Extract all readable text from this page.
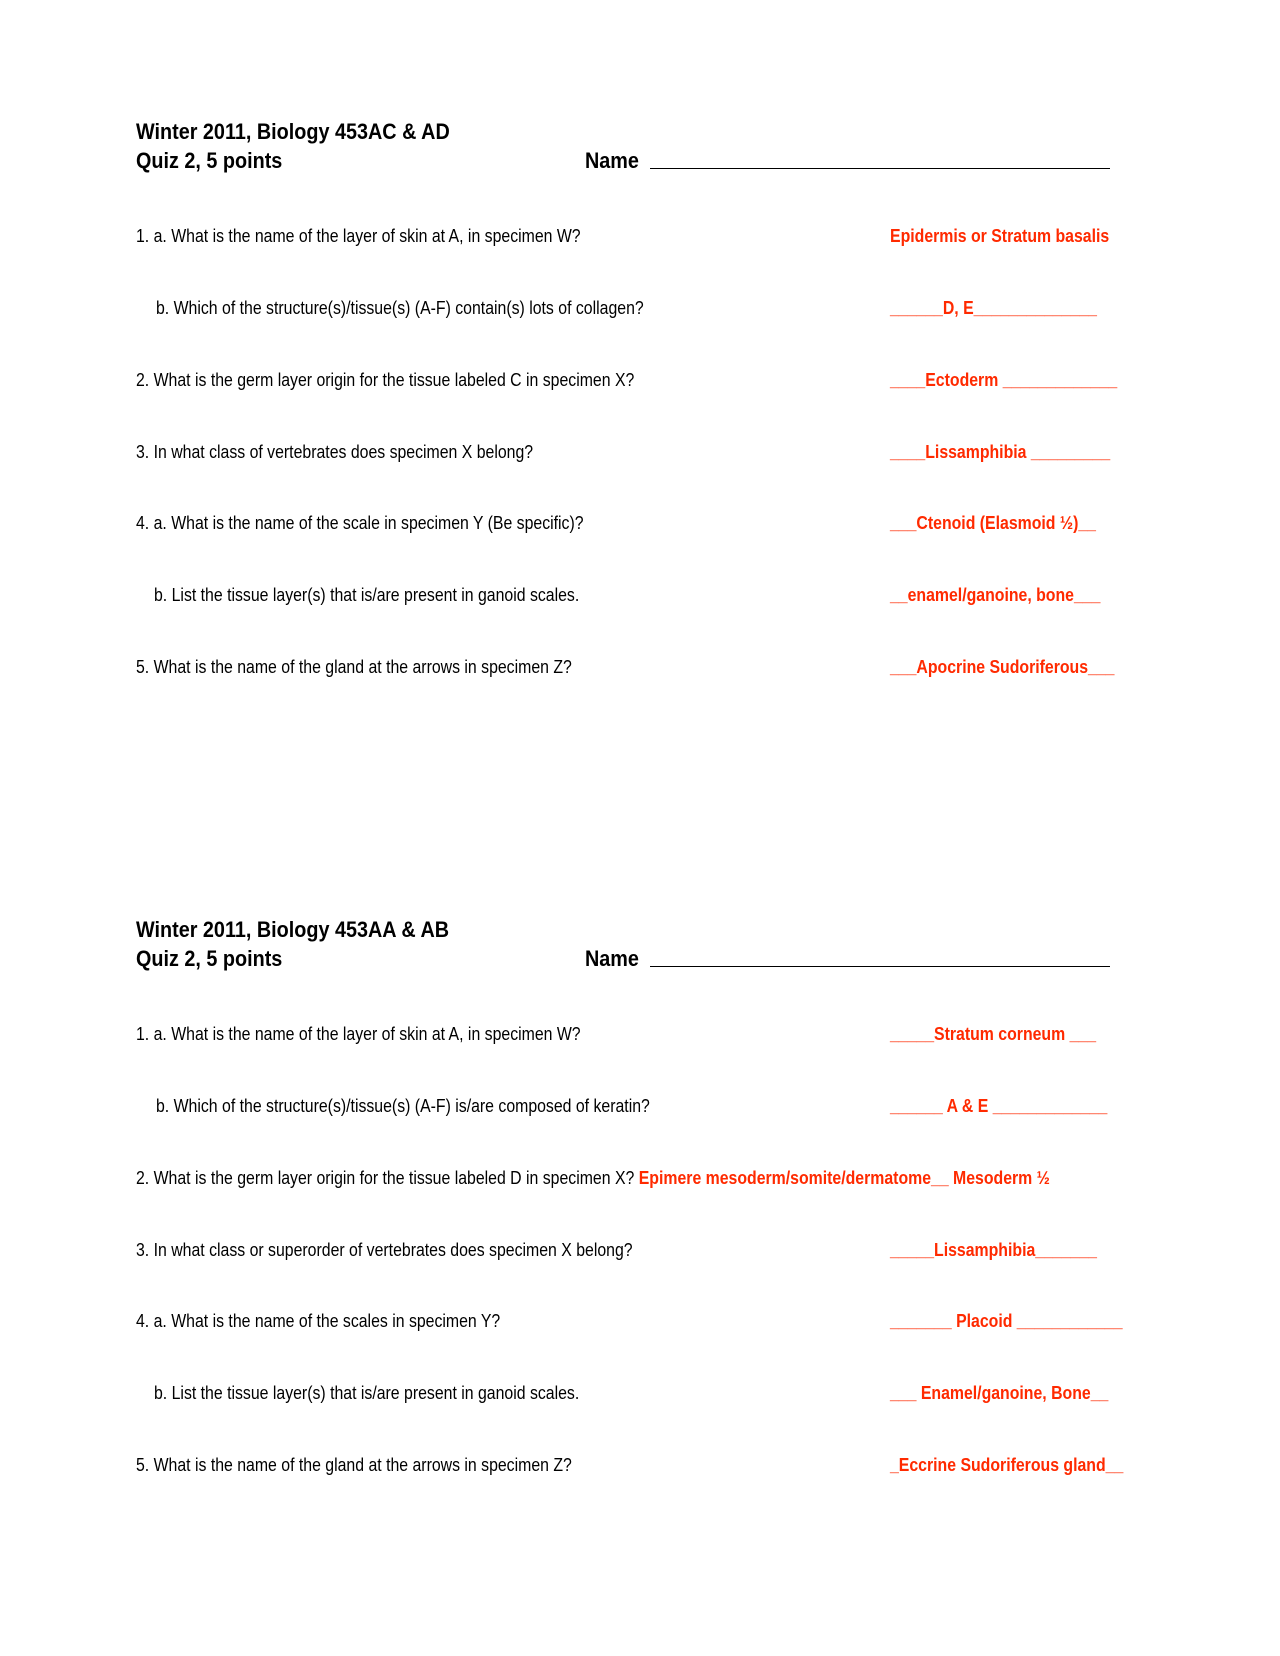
Winter 2011, Biology 453AC & AD
Quiz 2, 5 points	Name
1. a. What is the name of the layer of skin at A, in specimen W?	Epidermis or Stratum basalis
b. Which of the structure(s)/tissue(s) (A-F) contain(s) lots of collagen?	______D, E______________
2. What is the germ layer origin for the tissue labeled C in specimen X?	____Ectoderm _____________
3. In what class of vertebrates does specimen X belong?	____Lissamphibia _________
4. a. What is the name of the scale in specimen Y (Be specific)?	___Ctenoid (Elasmoid ½)__
b. List the tissue layer(s) that is/are present in ganoid scales.	__enamel/ganoine, bone___
5. What is the name of the gland at the arrows in specimen Z?	___Apocrine Sudoriferous___
Winter 2011, Biology 453AA & AB
Quiz 2, 5 points	Name
1. a. What is the name of the layer of skin at A, in specimen W?	_____Stratum corneum ___
b. Which of the structure(s)/tissue(s) (A-F) is/are composed of keratin?	______ A & E _____________
2. What is the germ layer origin for the tissue labeled D in specimen X? Epimere mesoderm/somite/dermatome__ Mesoderm ½
3. In what class or superorder of vertebrates does specimen X belong?	_____Lissamphibia_______
4. a. What is the name of the scales in specimen Y?	_______ Placoid ____________
b. List the tissue layer(s) that is/are present in ganoid scales.	___ Enamel/ganoine, Bone__
5. What is the name of the gland at the arrows in specimen Z?	_Eccrine Sudoriferous gland__
